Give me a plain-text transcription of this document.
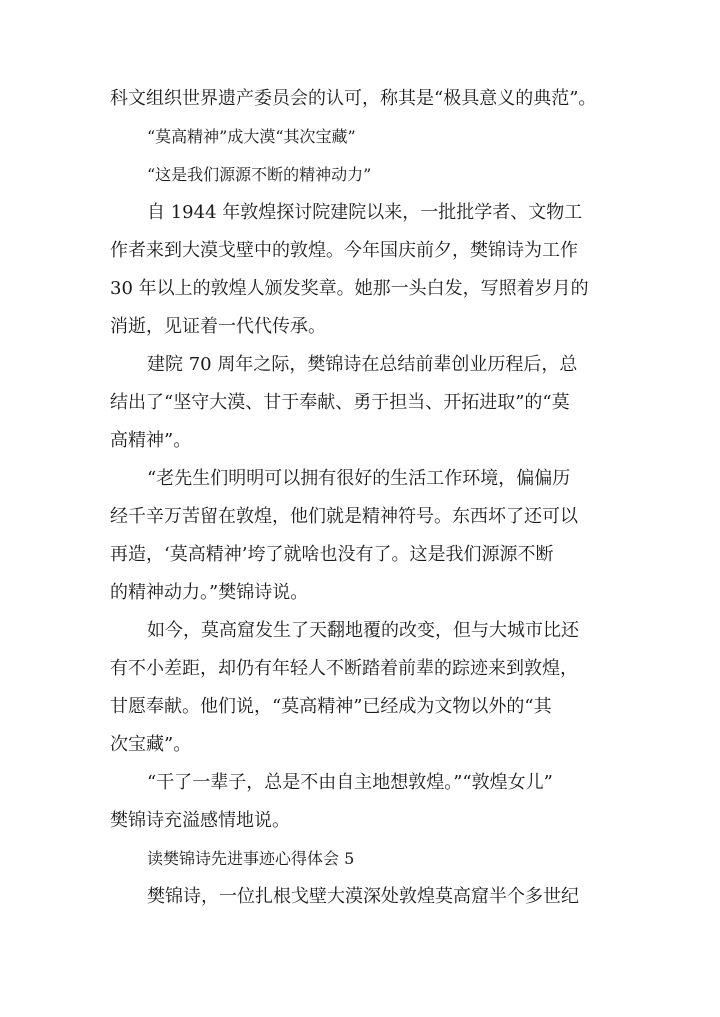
科文组织世界遗产委员会的认可，称其是“极具意义的典范”。
“莫高精神”成大漠“其次宝藏”
“这是我们源源不断的精神动力”
自 1944 年敦煌探讨院建院以来，一批批学者、文物工
作者来到大漠戈壁中的敦煌。今年国庆前夕，樊锦诗为工作
30 年以上的敦煌人颁发奖章。她那一头白发，写照着岁月的
消逝，见证着一代代传承。
建院 70 周年之际，樊锦诗在总结前辈创业历程后，总
结出了“坚守大漠、甘于奉献、勇于担当、开拓进取”的“莫
高精神”。
“老先生们明明可以拥有很好的生活工作环境，偏偏历
经千辛万苦留在敦煌，他们就是精神符号。东西坏了还可以
再造，‘莫高精神’垮了就啥也没有了。这是我们源源不断
的精神动力。”樊锦诗说。
如今，莫高窟发生了天翻地覆的改变，但与大城市比还
有不小差距，却仍有年轻人不断踏着前辈的踪迹来到敦煌，
甘愿奉献。他们说，“莫高精神”已经成为文物以外的“其
次宝藏”。
“干了一辈子，总是不由自主地想敦煌。”“敦煌女儿”
樊锦诗充溢感情地说。
读樊锦诗先进事迹心得体会 5
樊锦诗，一位扎根戈壁大漠深处敦煌莫高窟半个多世纪
